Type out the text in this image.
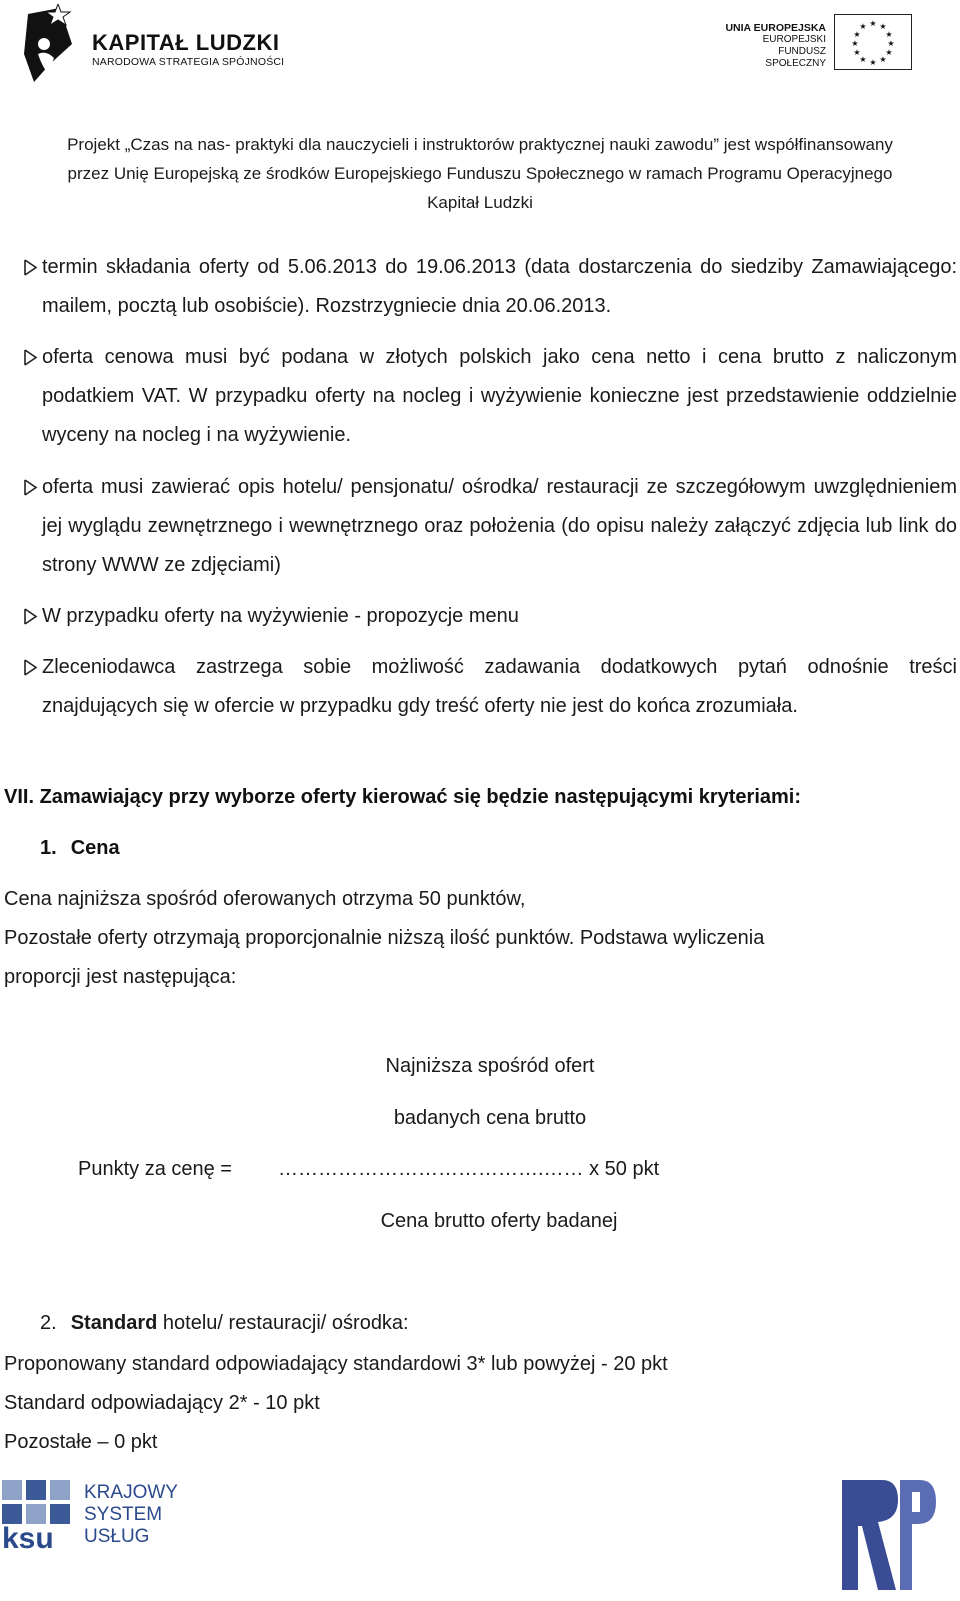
KAPITAŁ LUDZKI
NARODOWA STRATEGIA SPÓJNOŚCI
UNIA EUROPEJSKA
EUROPEJSKI
FUNDUSZ SPOŁECZNY
★ ★
★
★
★
★
★
★
★
★
★
★
Projekt „Czas na nas- praktyki dla nauczycieli i instruktorów praktycznej nauki zawodu” jest współfinansowany
przez Unię Europejską ze środków Europejskiego Funduszu Społecznego w ramach Programu Operacyjnego
Kapitał Ludzki

termin składania oferty od 5.06.2013 do 19.06.2013 (data dostarczenia do siedziby Zamawiającego: mailem, pocztą lub osobiście). Rozstrzygniecie dnia 20.06.2013.

oferta cenowa musi być podana w złotych polskich jako cena netto i cena brutto z naliczonym podatkiem VAT. W przypadku oferty na nocleg i wyżywienie konieczne jest przedstawienie oddzielnie wyceny na nocleg i na wyżywienie.

oferta musi zawierać opis hotelu/ pensjonatu/ ośrodka/ restauracji ze szczegółowym uwzględnieniem jej wyglądu zewnętrznego i wewnętrznego oraz położenia (do opisu należy załączyć zdjęcia lub link do strony WWW ze zdjęciami)

W przypadku oferty na wyżywienie - propozycje menu

Zleceniodawca zastrzega sobie możliwość zadawania dodatkowych pytań odnośnie treści znajdujących się w ofercie w przypadku gdy treść oferty nie jest do końca zrozumiała.

VII. Zamawiający przy wyborze oferty kierować się będzie następującymi kryteriami:
1. Cena
Cena najniższa spośród oferowanych otrzyma 50 punktów,
Pozostałe oferty otrzymają proporcjonalnie niższą ilość punktów. Podstawa wyliczenia
proporcji jest następująca:
Najniższa spośród ofert
badanych cena brutto
Punkty za cenę = ………………………………….…… x 50 pkt
Cena brutto oferty badanej
2. Standard hotelu/ restauracji/ ośrodka:
Proponowany standard odpowiadający standardowi 3* lub powyżej - 20 pkt
Standard odpowiadający 2* - 10 pkt
Pozostałe – 0 pkt
ksu
KRAJOWY
SYSTEM
USŁUG
